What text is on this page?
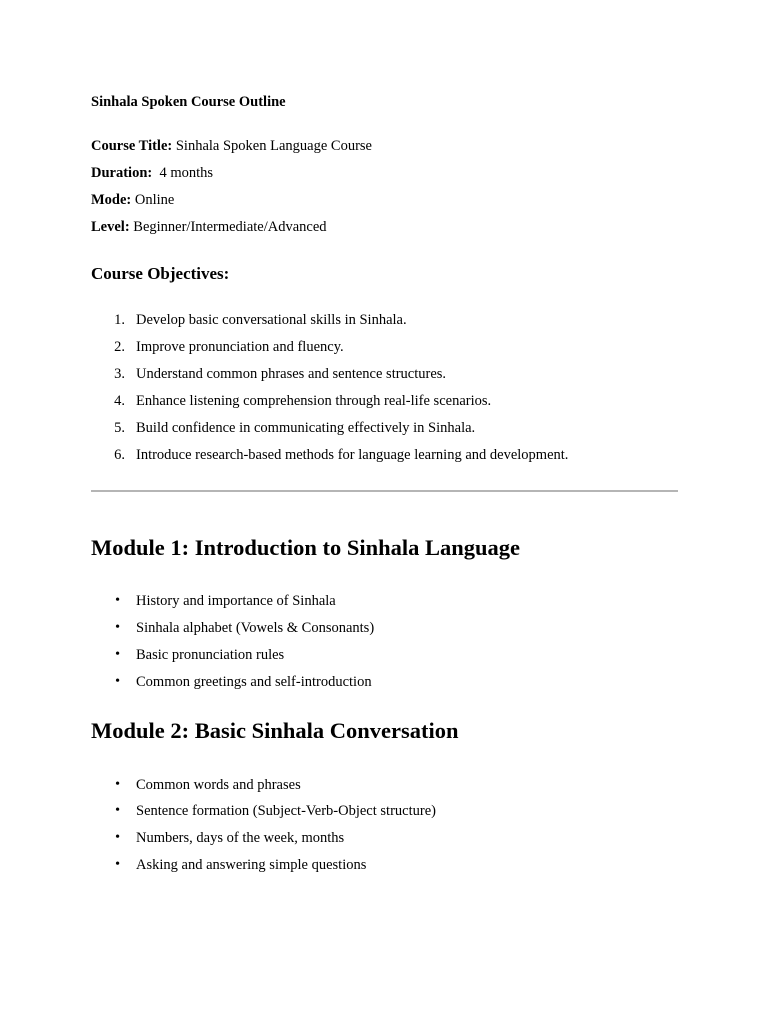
Sinhala Spoken Course Outline

Course Title: Sinhala Spoken Language Course

Duration:  4 months

Mode: Online

Level: Beginner/Intermediate/Advanced

Course Objectives:
1. Develop basic conversational skills in Sinhala.
2. Improve pronunciation and fluency.
3. Understand common phrases and sentence structures.
4. Enhance listening comprehension through real-life scenarios.
5. Build confidence in communicating effectively in Sinhala.
6. Introduce research-based methods for language learning and development.
Module 1: Introduction to Sinhala Language
• History and importance of Sinhala
• Sinhala alphabet (Vowels & Consonants)
• Basic pronunciation rules
• Common greetings and self-introduction
Module 2: Basic Sinhala Conversation
• Common words and phrases
• Sentence formation (Subject-Verb-Object structure)
• Numbers, days of the week, months
• Asking and answering simple questions
